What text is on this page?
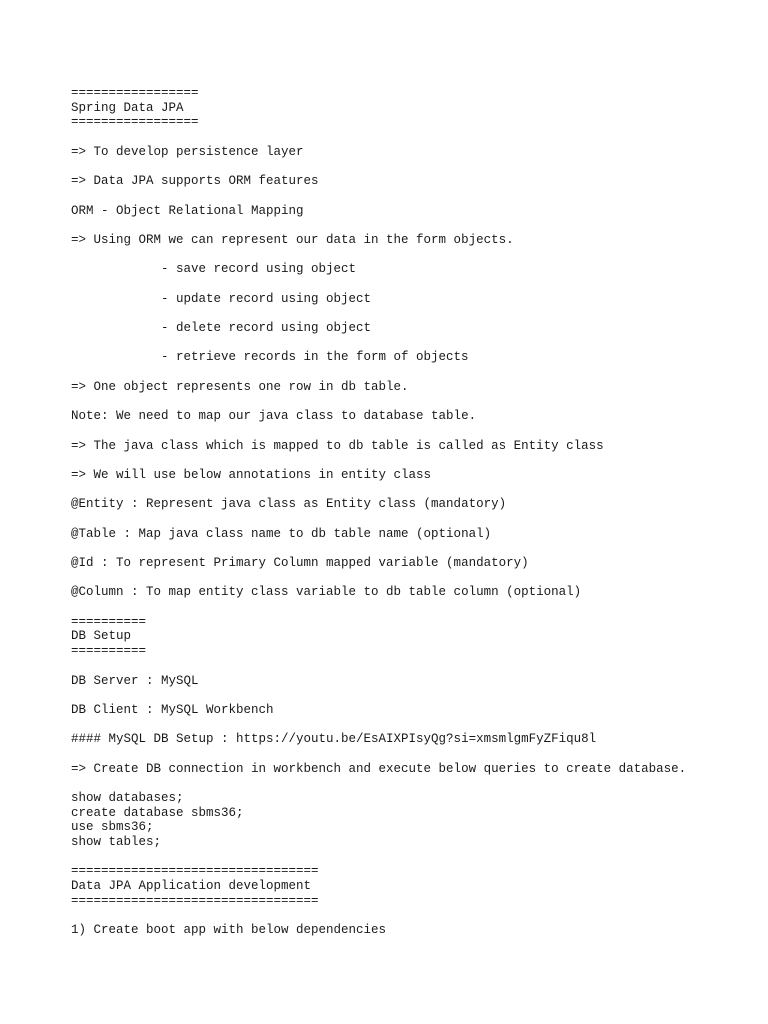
=================
Spring Data JPA
=================
=> To develop persistence layer
=> Data JPA supports ORM features
ORM - Object Relational Mapping
=> Using ORM we can represent our data in the form objects.
- save record using object
- update record using object
- delete record using object
- retrieve records in the form of objects
=> One object represents one row in db table.
Note: We need to map our java class to database table.
=> The java class which is mapped to db table is called as Entity class
=> We will use below annotations in entity class
@Entity : Represent java class as Entity class (mandatory)
@Table : Map java class name to db table name (optional)
@Id : To represent Primary Column mapped variable (mandatory)
@Column : To map entity class variable to db table column (optional)
==========
DB Setup
==========
DB Server : MySQL
DB Client : MySQL Workbench
#### MySQL DB Setup : https://youtu.be/EsAIXPIsyQg?si=xmsmlgmFyZFiqu8l
=> Create DB connection in workbench and execute below queries to create database.
show databases;
create database sbms36;
use sbms36;
show tables;
=================================
Data JPA Application development
=================================
1) Create boot app with below dependencies
